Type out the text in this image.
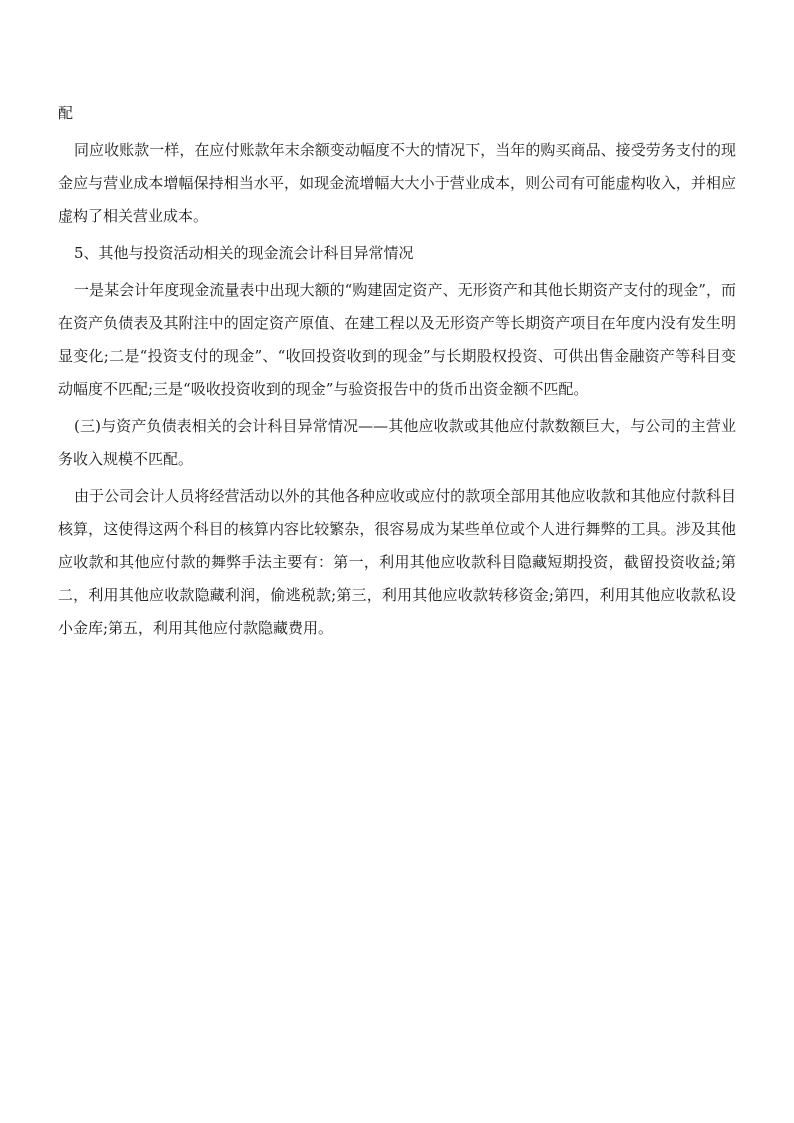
配

同应收账款一样，在应付账款年末余额变动幅度不大的情况下，当年的购买商品、接受劳务支付的现金应与营业成本增幅保持相当水平，如现金流增幅大大小于营业成本，则公司有可能虚构收入，并相应虚构了相关营业成本。

5、其他与投资活动相关的现金流会计科目异常情况

一是某会计年度现金流量表中出现大额的“购建固定资产、无形资产和其他长期资产支付的现金”，而在资产负债表及其附注中的固定资产原值、在建工程以及无形资产等长期资产项目在年度内没有发生明显变化;二是“投资支付的现金”、“收回投资收到的现金”与长期股权投资、可供出售金融资产等科目变动幅度不匹配;三是“吸收投资收到的现金”与验资报告中的货币出资金额不匹配。

(三)与资产负债表相关的会计科目异常情况——其他应收款或其他应付款数额巨大，与公司的主营业务收入规模不匹配。

由于公司会计人员将经营活动以外的其他各种应收或应付的款项全部用其他应收款和其他应付款科目核算，这使得这两个科目的核算内容比较繁杂，很容易成为某些单位或个人进行舞弊的工具。涉及其他应收款和其他应付款的舞弊手法主要有：第一，利用其他应收款科目隐藏短期投资，截留投资收益;第二，利用其他应收款隐藏利润，偷逃税款;第三，利用其他应收款转移资金;第四，利用其他应收款私设小金库;第五，利用其他应付款隐藏费用。
